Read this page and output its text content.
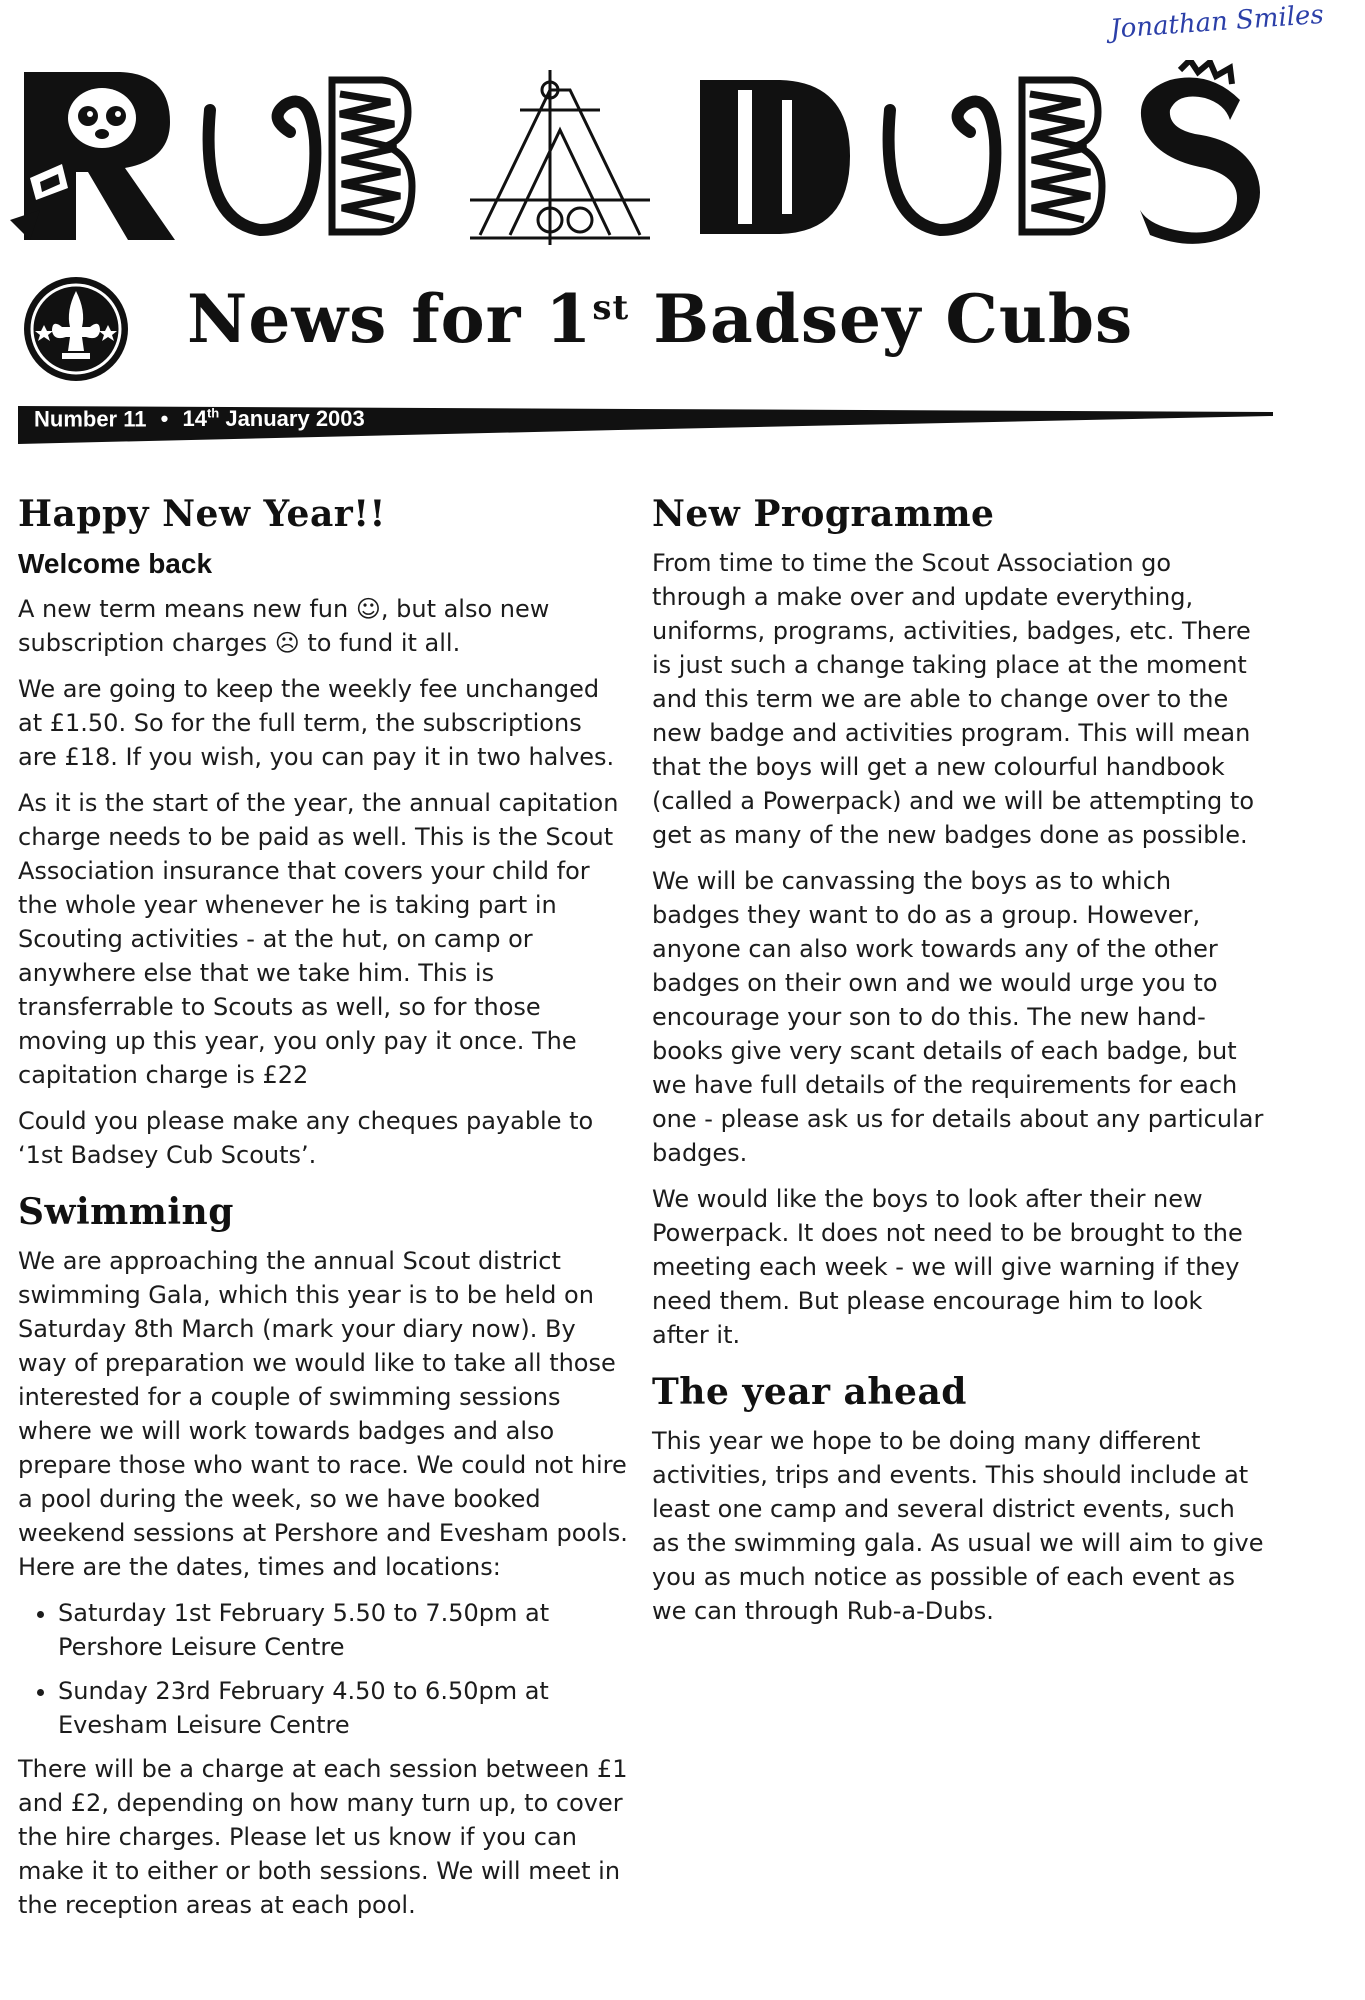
Jonathan Smiles
News for 1st Badsey Cubs
Number 11 • 14th January 2003
Happy New Year!!
Welcome back

A new term means new fun ☺, but also new subscription charges ☹ to fund it all.

We are going to keep the weekly fee unchanged at £1.50. So for the full term, the subscriptions are £18. If you wish, you can pay it in two halves.

As it is the start of the year, the annual capitation charge needs to be paid as well. This is the Scout Association insurance that covers your child for the whole year whenever he is taking part in Scouting activities - at the hut, on camp or anywhere else that we take him. This is transferrable to Scouts as well, so for those moving up this year, you only pay it once. The capitation charge is £22

Could you please make any cheques payable to ‘1st Badsey Cub Scouts’.

Swimming

We are approaching the annual Scout district swimming Gala, which this year is to be held on Saturday 8th March (mark your diary now). By way of preparation we would like to take all those interested for a couple of swimming sessions where we will work towards badges and also prepare those who want to race. We could not hire a pool during the week, so we have booked weekend sessions at Pershore and Evesham pools. Here are the dates, times and locations:

• Saturday 1st February 5.50 to 7.50pm at Pershore Leisure Centre
• Sunday 23rd February 4.50 to 6.50pm at Evesham Leisure Centre

There will be a charge at each session between £1 and £2, depending on how many turn up, to cover the hire charges. Please let us know if you can make it to either or both sessions. We will meet in the reception areas at each pool.

New Programme

From time to time the Scout Association go through a make over and update everything, uniforms, programs, activities, badges, etc. There is just such a change taking place at the moment and this term we are able to change over to the new badge and activities program. This will mean that the boys will get a new colourful handbook (called a Powerpack) and we will be attempting to get as many of the new badges done as possible.

We will be canvassing the boys as to which badges they want to do as a group. However, anyone can also work towards any of the other badges on their own and we would urge you to encourage your son to do this. The new hand-books give very scant details of each badge, but we have full details of the requirements for each one - please ask us for details about any particular badges.

We would like the boys to look after their new Powerpack. It does not need to be brought to the meeting each week - we will give warning if they need them. But please encourage him to look after it.

The year ahead

This year we hope to be doing many different activities, trips and events. This should include at least one camp and several district events, such as the swimming gala. As usual we will aim to give you as much notice as possible of each event as we can through Rub-a-Dubs.
